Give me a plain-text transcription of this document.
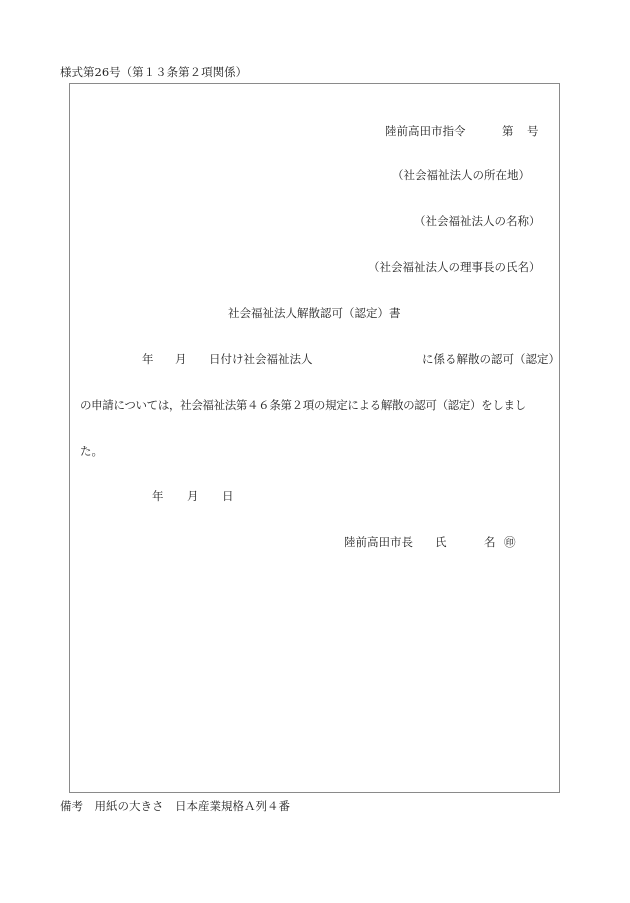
様式第26号（第１３条第２項関係）
陸前高田市指令	第 号
（社会福祉法人の所在地）
（社会福祉法人の名称）
（社会福祉法人の理事長の氏名）
社会福祉法人解散認可（認定）書
年 月 日付け社会福祉法人	に係る解散の認可（認定）
の申請については，社会福祉法第４６条第２項の規定による解散の認可（認定）をしまし
た。
年 月 日
陸前高田市長 氏	名 ㊞
備考　用紙の大きさ　日本産業規格Ａ列４番
